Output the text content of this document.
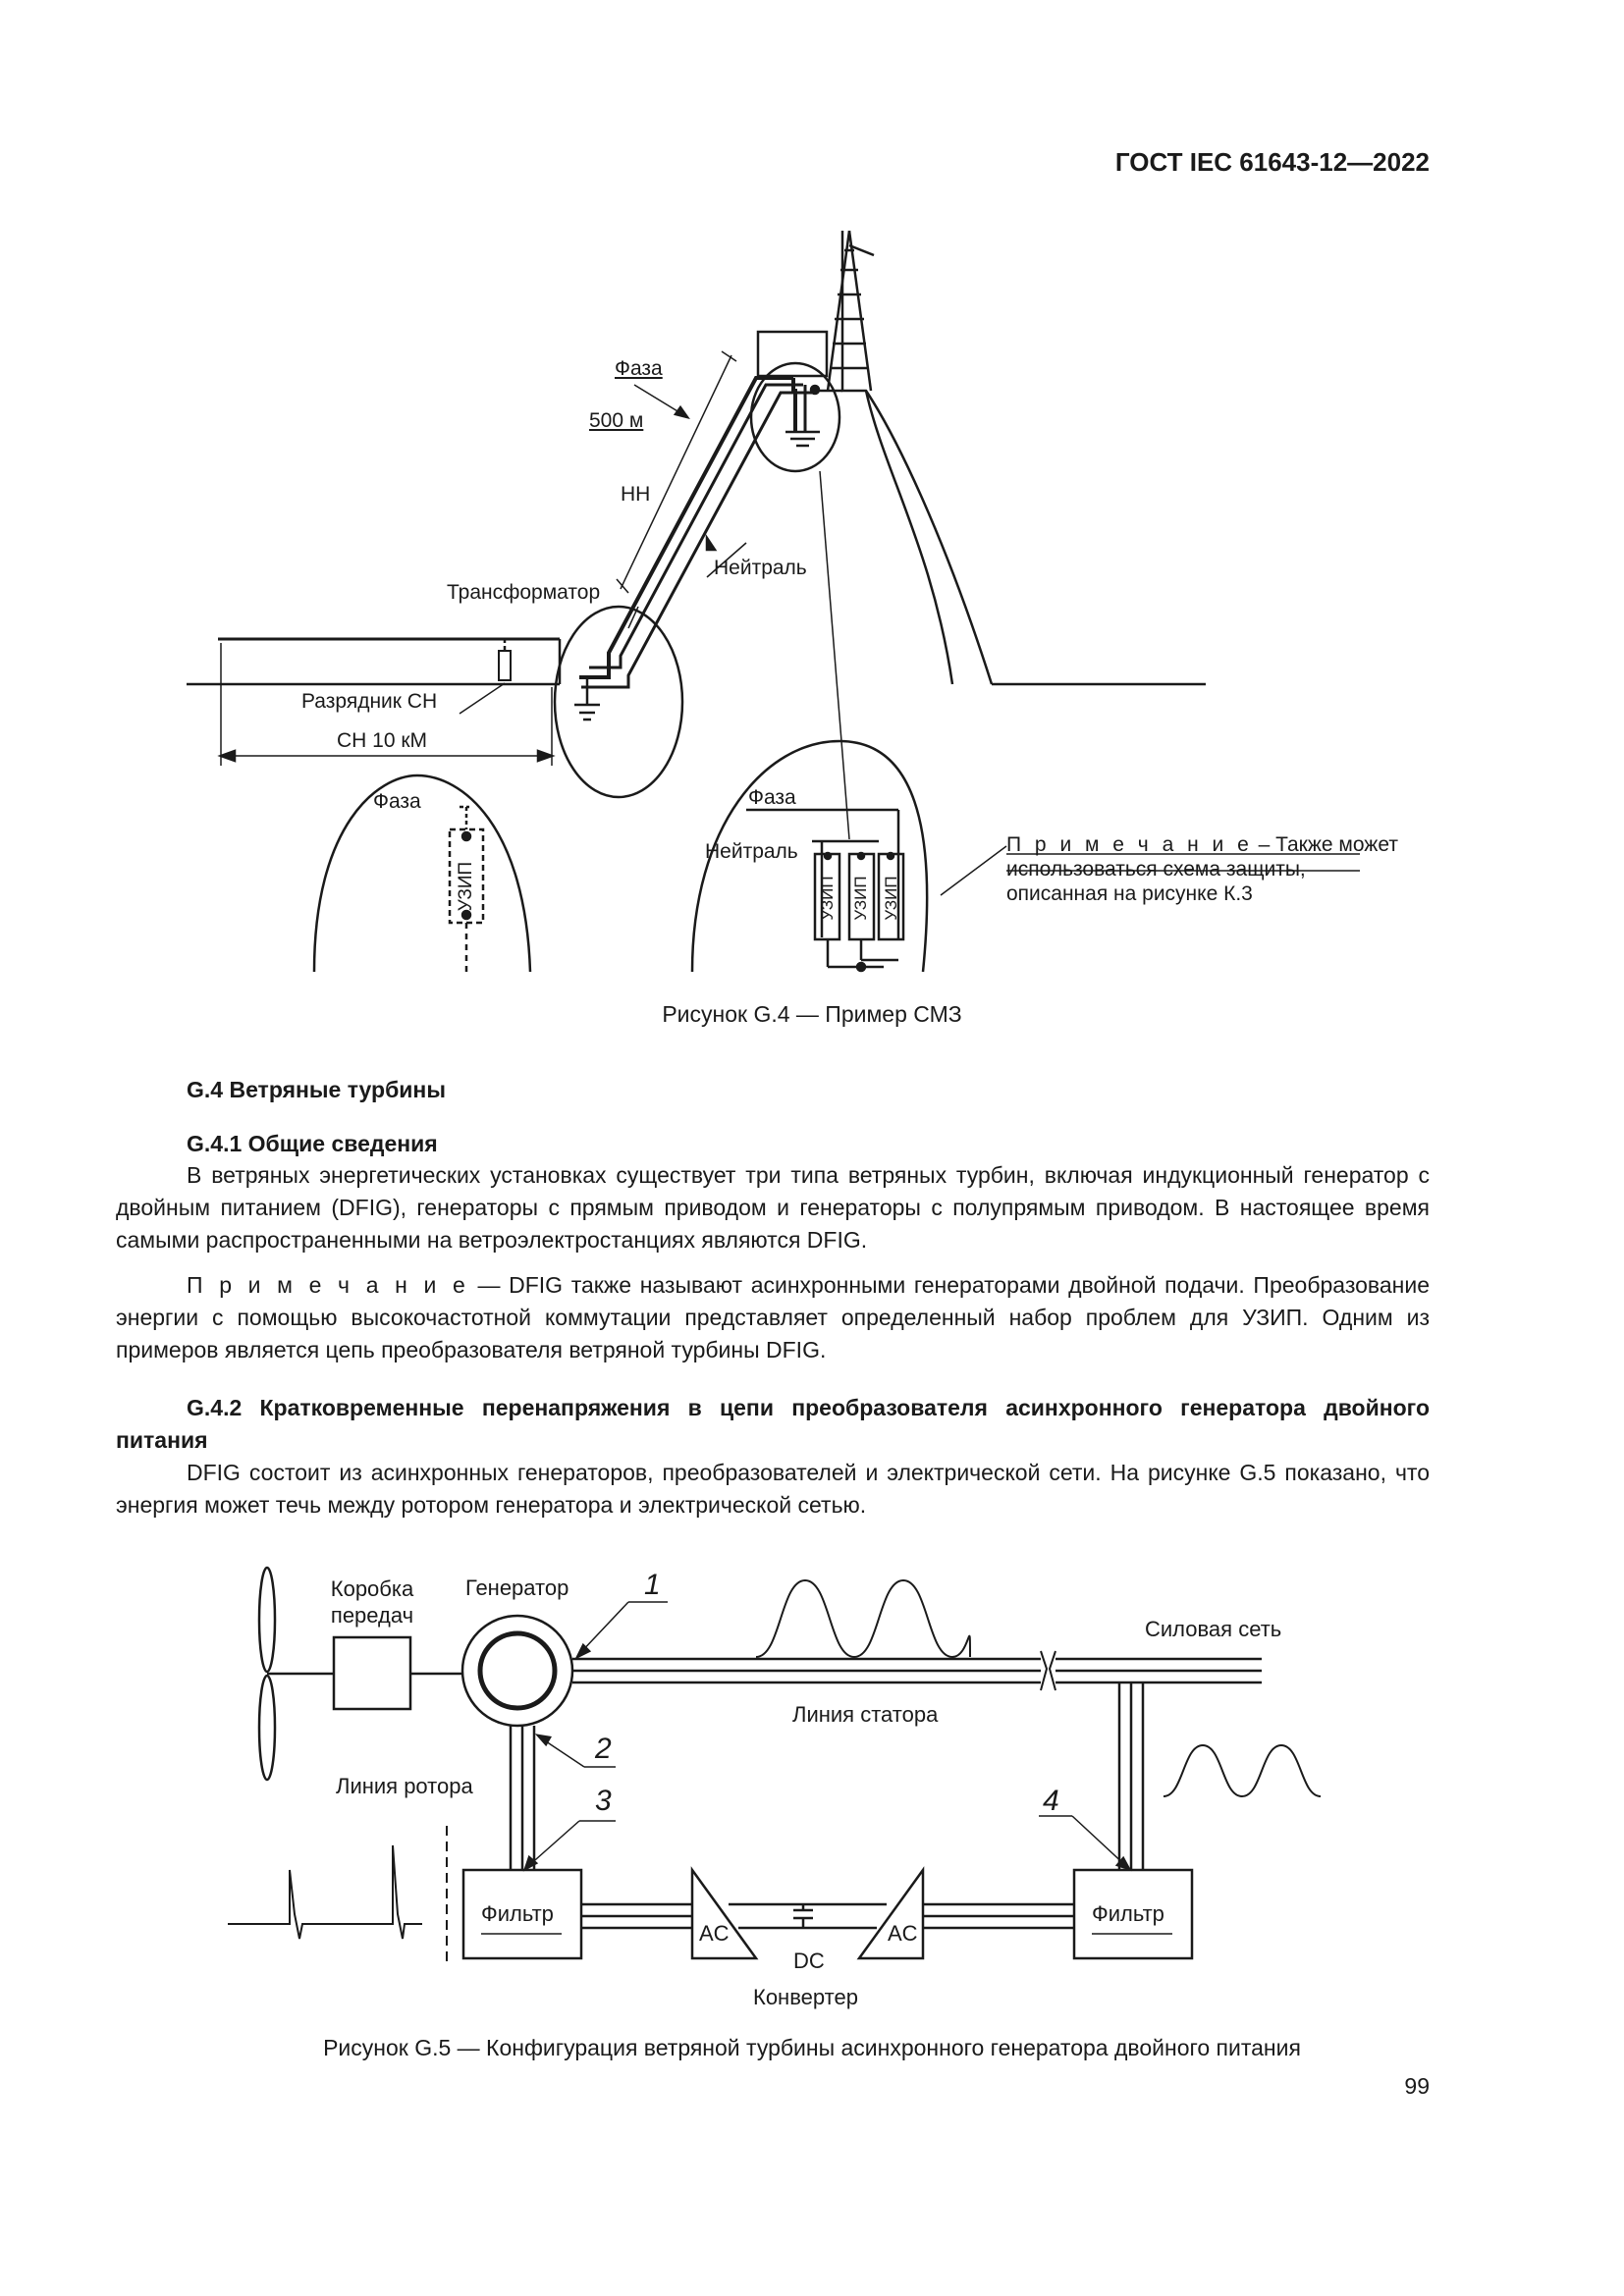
ГОСТ IEC 61643-12—2022
Фаза
500 м
НН
Нейтраль
Трансформатор
Разрядник СН
СН 10 кМ
Фаза
УЗИП
Фаза
Нейтраль
УЗИП УЗИП УЗИП
П р и м е ч а н и е – Также может
использоваться схема защиты,
описанная на рисунке К.3
Рисунок G.4 — Пример СМЗ
G.4 Ветряные турбины
G.4.1 Общие сведения
В ветряных энергетических установках существует три типа ветряных турбин, включая индукционный генератор с двойным питанием (DFIG), генераторы с прямым приводом и генераторы с полупрямым приводом. В настоящее время самыми распространенными на ветроэлектростанциях являются DFIG.
П р и м е ч а н и е — DFIG также называют асинхронными генераторами двойной подачи. Преобразование энергии с помощью высокочастотной коммутации представляет определенный набор проблем для УЗИП. Одним из примеров является цепь преобразователя ветряной турбины DFIG.
G.4.2 Кратковременные перенапряжения в цепи преобразователя асинхронного генератора двойного питания
DFIG состоит из асинхронных генераторов, преобразователей и электрической сети. На рисунке G.5 показано, что энергия может течь между ротором генератора и электрической сетью.
Коробка
передач
Генератор	1
2
3	4
Силовая сеть
Линия статора
Линия ротора
Фильтр	Фильтр
AC	AC
DC
Конвертер
Рисунок G.5 — Конфигурация ветряной турбины асинхронного генератора двойного питания
99
